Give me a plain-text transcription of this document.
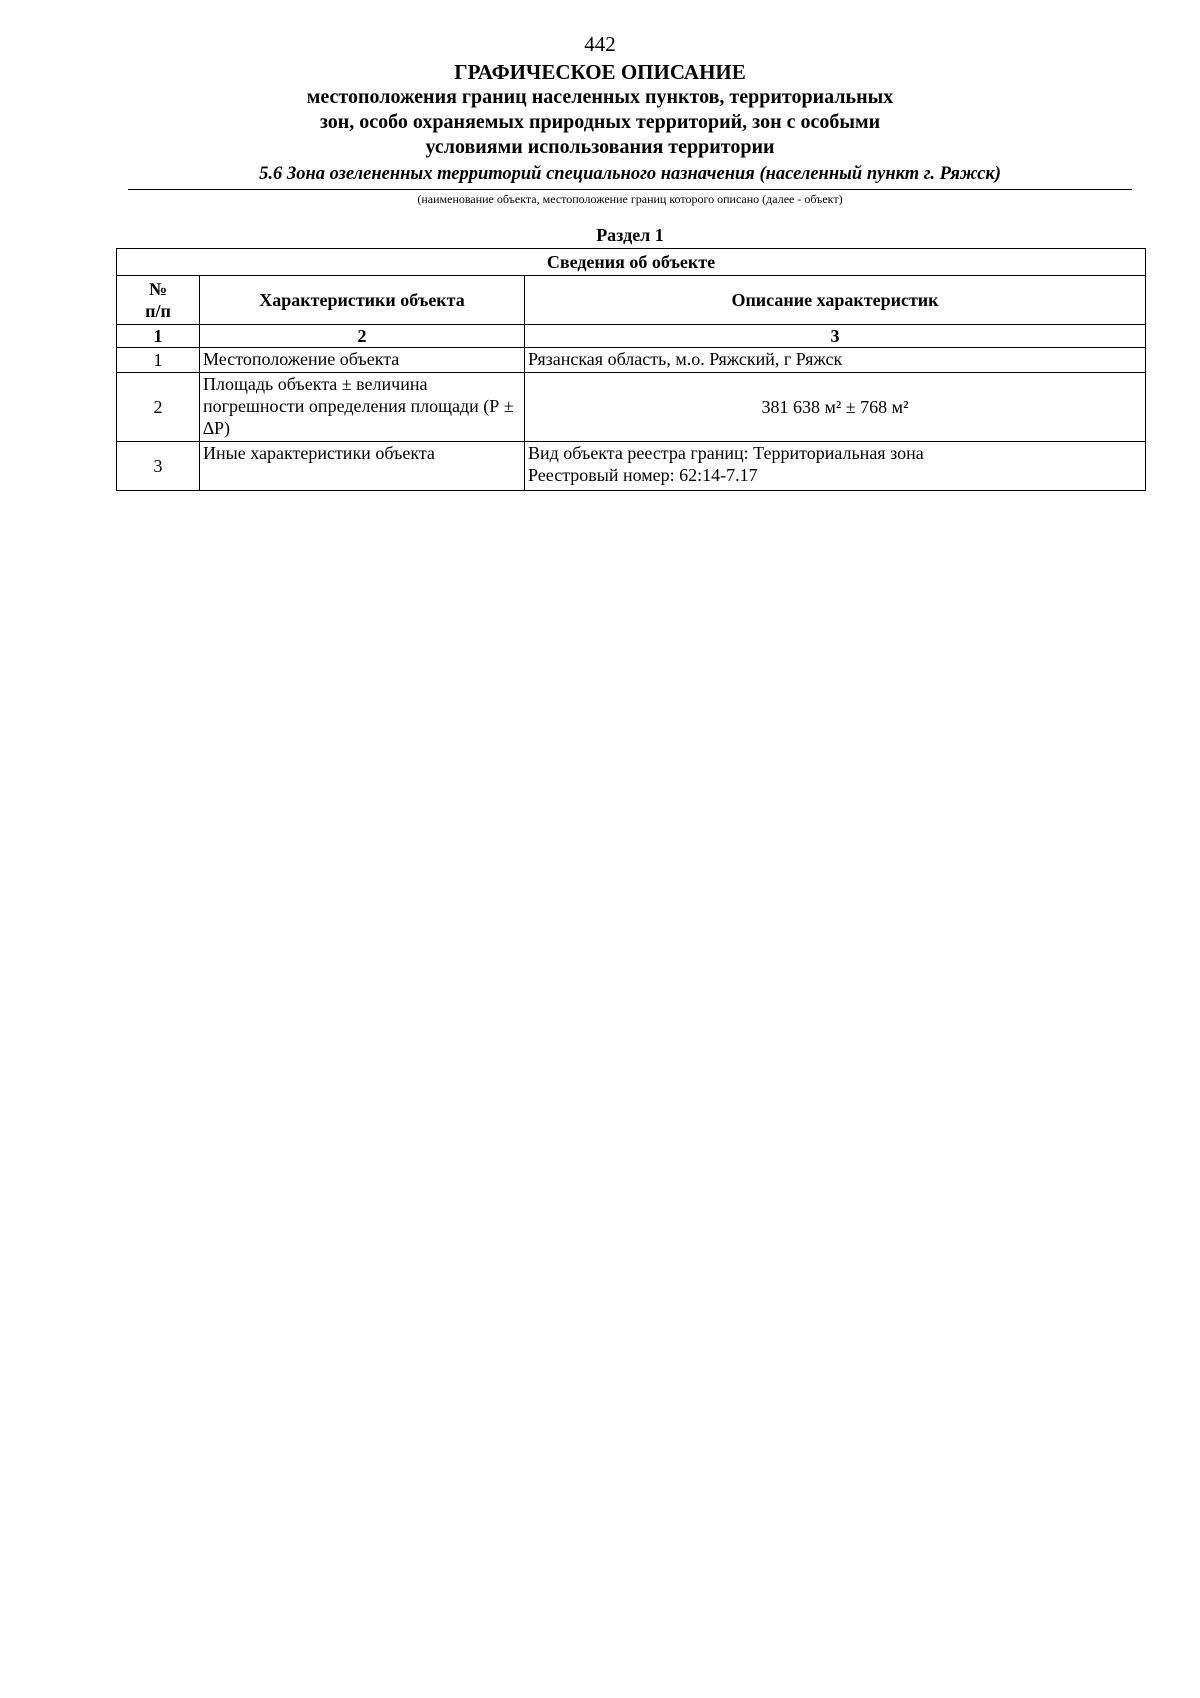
442
ГРАФИЧЕСКОЕ ОПИСАНИЕ
местоположения границ населенных пунктов, территориальных
зон, особо охраняемых природных территорий, зон с особыми
условиями использования территории
5.6 Зона озелененных территорий специального назначения (населенный пункт г. Ряжск)
(наименование объекта, местоположение границ которого описано (далее - объект)
Раздел 1
Сведения об объекте		
№
п/п	Характеристики объекта	Описание характеристик
1	2	3
1	Местоположение объекта	Рязанская область, м.о. Ряжский, г Ряжск
2	Площадь объекта ± величина погрешности определения площади (Р ± ∆Р)	381 638 м² ± 768 м²
3	Иные характеристики объекта	Вид объекта реестра границ: Территориальная зона
Реестровый номер: 62:14-7.17
